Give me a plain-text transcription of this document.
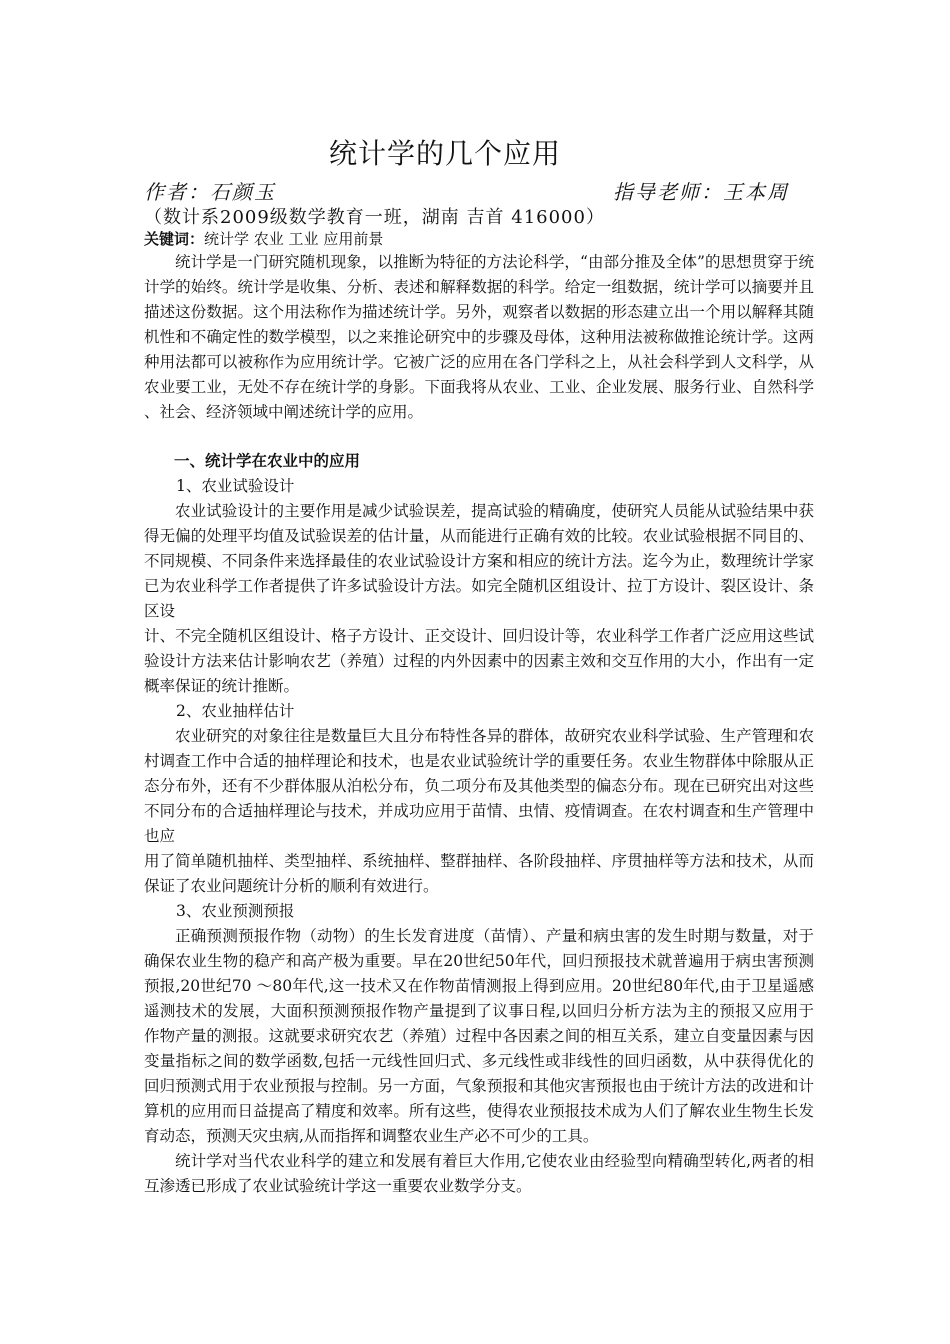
统计学的几个应用
作者：石颜玉	指导老师：王本周
（数计系2009级数学教育一班，湖南 吉首 416000）
关键词：统计学 农业 工业 应用前景

统计学是一门研究随机现象，以推断为特征的方法论科学，“由部分推及全体”的思想贯穿于统计学的始终。统计学是收集、分析、表述和解释数据的科学。给定一组数据，统计学可以摘要并且描述这份数据。这个用法称作为描述统计学。另外，观察者以数据的形态建立出一个用以解释其随机性和不确定性的数学模型，以之来推论研究中的步骤及母体，这种用法被称做推论统计学。这两种用法都可以被称作为应用统计学。它被广泛的应用在各门学科之上，从社会科学到人文科学，从农业要工业，无处不存在统计学的身影。下面我将从农业、工业、企业发展、服务行业、自然科学 、社会、经济领域中阐述统计学的应用。

一、统计学在农业中的应用

1、农业试验设计

农业试验设计的主要作用是减少试验误差，提高试验的精确度，使研究人员能从试验结果中获得无偏的处理平均值及试验误差的估计量，从而能进行正确有效的比较。农业试验根据不同目的、不同规模、不同条件来选择最佳的农业试验设计方案和相应的统计方法。迄今为止，数理统计学家已为农业科学工作者提供了许多试验设计方法。如完全随机区组设计、拉丁方设计、裂区设计、条区设

计、不完全随机区组设计、格子方设计、正交设计、回归设计等，农业科学工作者广泛应用这些试验设计方法来估计影响农艺（养殖）过程的内外因素中的因素主效和交互作用的大小，作出有一定概率保证的统计推断。

2、农业抽样估计

农业研究的对象往往是数量巨大且分布特性各异的群体，故研究农业科学试验、生产管理和农村调查工作中合适的抽样理论和技术，也是农业试验统计学的重要任务。农业生物群体中除服从正态分布外，还有不少群体服从泊松分布，负二项分布及其他类型的偏态分布。现在已研究出对这些不同分布的合适抽样理论与技术，并成功应用于苗情、虫情、疫情调查。在农村调查和生产管理中也应

用了简单随机抽样、类型抽样、系统抽样、整群抽样、各阶段抽样、序贯抽样等方法和技术，从而保证了农业问题统计分析的顺利有效进行。

3、农业预测预报

正确预测预报作物（动物）的生长发育进度（苗情）、产量和病虫害的发生时期与数量，对于确保农业生物的稳产和高产极为重要。早在20世纪50年代，回归预报技术就普遍用于病虫害预测预报,20世纪70 ～80年代,这一技术又在作物苗情测报上得到应用。20世纪80年代,由于卫星遥感遥测技术的发展，大面积预测预报作物产量提到了议事日程,以回归分析方法为主的预报又应用于作物产量的测报。这就要求研究农艺（养殖）过程中各因素之间的相互关系，建立自变量因素与因变量指标之间的数学函数,包括一元线性回归式、多元线性或非线性的回归函数，从中获得优化的回归预测式用于农业预报与控制。另一方面，气象预报和其他灾害预报也由于统计方法的改进和计算机的应用而日益提高了精度和效率。所有这些，使得农业预报技术成为人们了解农业生物生长发育动态，预测天灾虫病,从而指挥和调整农业生产必不可少的工具。

统计学对当代农业科学的建立和发展有着巨大作用,它使农业由经验型向精确型转化,两者的相互渗透已形成了农业试验统计学这一重要农业数学分支。
